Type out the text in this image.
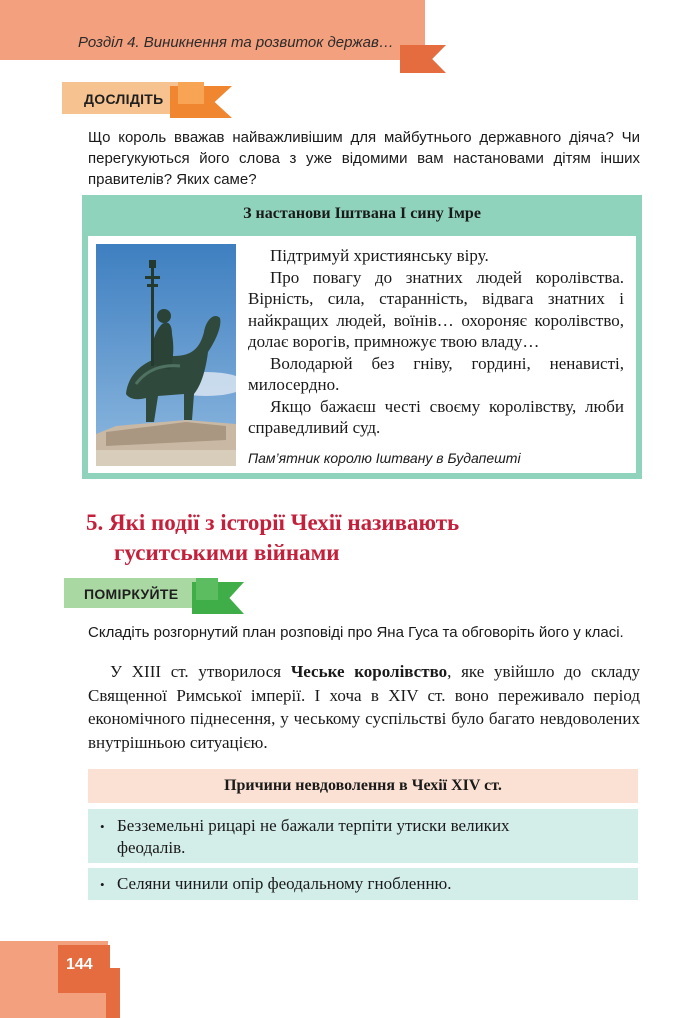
Розділ 4. Виникнення та розвиток держав…
ДОСЛІДІТЬ
Що король вважав найважливішим для майбутнього державного діяча? Чи перегукуються його слова з уже відомими вам настановами дітям інших правителів? Яких саме?
З настанови Іштвана І сину Імре

Підтримуй християнську віру.

Про повагу до знатних людей королівства. Вірність, сила, старанність, відвага знатних і найкращих людей, воїнів… охороняє королівство, долає ворогів, примножує твою владу…

Володарюй без гніву, гордині, ненависті, милосердно.

Якщо бажаєш честі своєму королівству, люби справедливий суд.

Пам’ятник королю Іштвану в Будапешті
5. Які події з історії Чехії називають
гуситськими війнами
ПОМІРКУЙТЕ
Складіть розгорнутий план розповіді про Яна Гуса та обговоріть його у класі.
У XIII ст. утворилося Чеське королівство, яке увійшло до складу Священної Римської імперії. І хоча в XIV ст. воно переживало період економічного піднесення, у чеському суспільстві було багато невдоволених внутрішньою ситуацією.
Причини невдоволення в Чехії XIV ст.
• Безземельні рицарі не бажали терпіти утиски великих
феодалів.
• Селяни чинили опір феодальному гнобленню.
144
